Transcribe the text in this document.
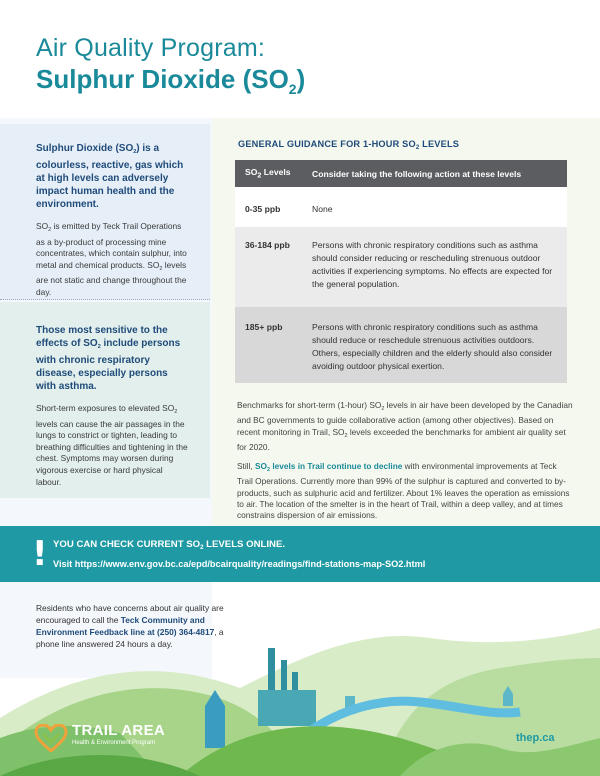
Air Quality Program:
Sulphur Dioxide $(SO_2)$
Sulphur Dioxide $(SO_2)$ is a colourless, reactive, gas which at high levels can adversely impact human health and the environment.
$SO_2$ is emitted by Teck Trail Operations as a by-product of processing mine concentrates, which contain sulphur, into metal and chemical products. $SO_2$ levels are not static and change throughout the day.
Those most sensitive to the effects of $SO_2$ include persons with chronic respiratory disease, especially persons with asthma.
Short-term exposures to elevated $SO_2$ levels can cause the air passages in the lungs to constrict or tighten, leading to breathing difficulties and tightening in the chest. Symptoms may worsen during vigorous exercise or hard physical labour.
GENERAL GUIDANCE FOR 1-HOUR $SO_2$ LEVELS
$SO_2$ Levels	Consider taking the following action at these levels
0-35 ppb	None
36-184 ppb	Persons with chronic respiratory conditions such as asthma should consider reducing or rescheduling strenuous outdoor activities if experiencing symptoms. No effects are expected for the general population.
185+ ppb	Persons with chronic respiratory conditions such as asthma should reduce or reschedule strenuous activities outdoors. Others, especially children and the elderly should also consider avoiding outdoor physical exertion.
Benchmarks for short-term (1-hour) $SO_2$ levels in air have been developed by the Canadian and BC governments to guide collaborative action (among other objectives). Based on recent monitoring in Trail, $SO_2$ levels exceeded the benchmarks for ambient air quality set for 2020.
Still, $SO_2$ levels in Trail continue to decline with environmental improvements at Teck Trail Operations. Currently more than 99% of the sulphur is captured and converted to by-products, such as sulphuric acid and fertilizer. About 1% leaves the operation as emissions to air. The location of the smelter is in the heart of Trail, within a deep valley, and at times constrains dispersion of air emissions.
! YOU CAN CHECK CURRENT $SO_2$ LEVELS ONLINE.
Visit https://www.env.gov.bc.ca/epd/bcairquality/readings/find-stations-map-SO2.html
Residents who have concerns about air quality are encouraged to call the Teck Community and Environment Feedback line at (250) 364-4817, a phone line answered 24 hours a day.
TRAIL AREA
Health & Environment Program	thep.ca
